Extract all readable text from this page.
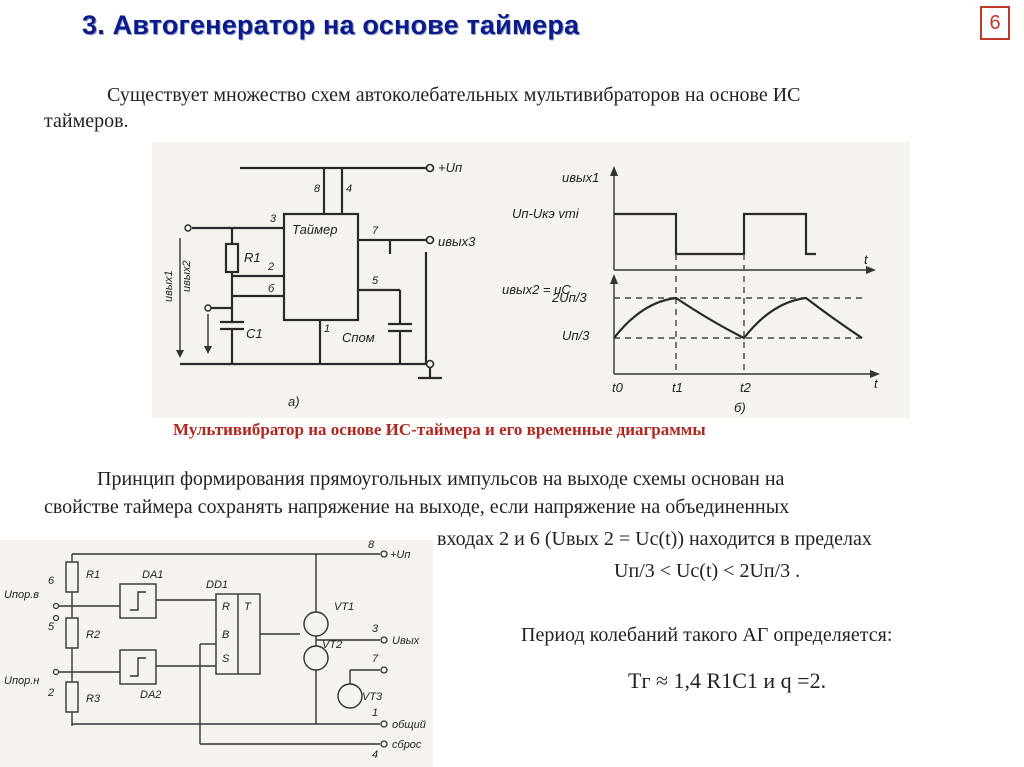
3. Автогенератор на основе таймера	6
Существует множество схем автоколебательных мультивибраторов на основе ИС
таймеров.
+Uп
8 4
Таймер
3
R1
2
б
C1
uвых2
uвых1
7
uвых3
5
Cпом
1
а)
uвых1
Uп-Uкэ vтi
t
uвых2 = uC
2Uп/3
Uп/3
t0	t1	t2	t
б)
Мультивибратор на основе ИС-таймера и его временные диаграммы
Принцип формирования прямоугольных импульсов на выходе схемы основан на
свойстве таймера сохранять напряжение на выходе, если напряжение на объединенных
входах 2 и 6 (Uвых 2 = Uс(t)) находится в пределах
Uп/3 < Uс(t) < 2Uп/3 .
Период колебаний такого АГ определяется:
Tг ≈ 1,4 R1C1 и q =2.
8
+Uп
R1
R2
R3
Uпор.в
6
5
Uпор.н
2
DA1
DA2
DD1
R T
B
S
VT1
VT2
VT3
3
Uвых
7
1
общий
4
сброс
